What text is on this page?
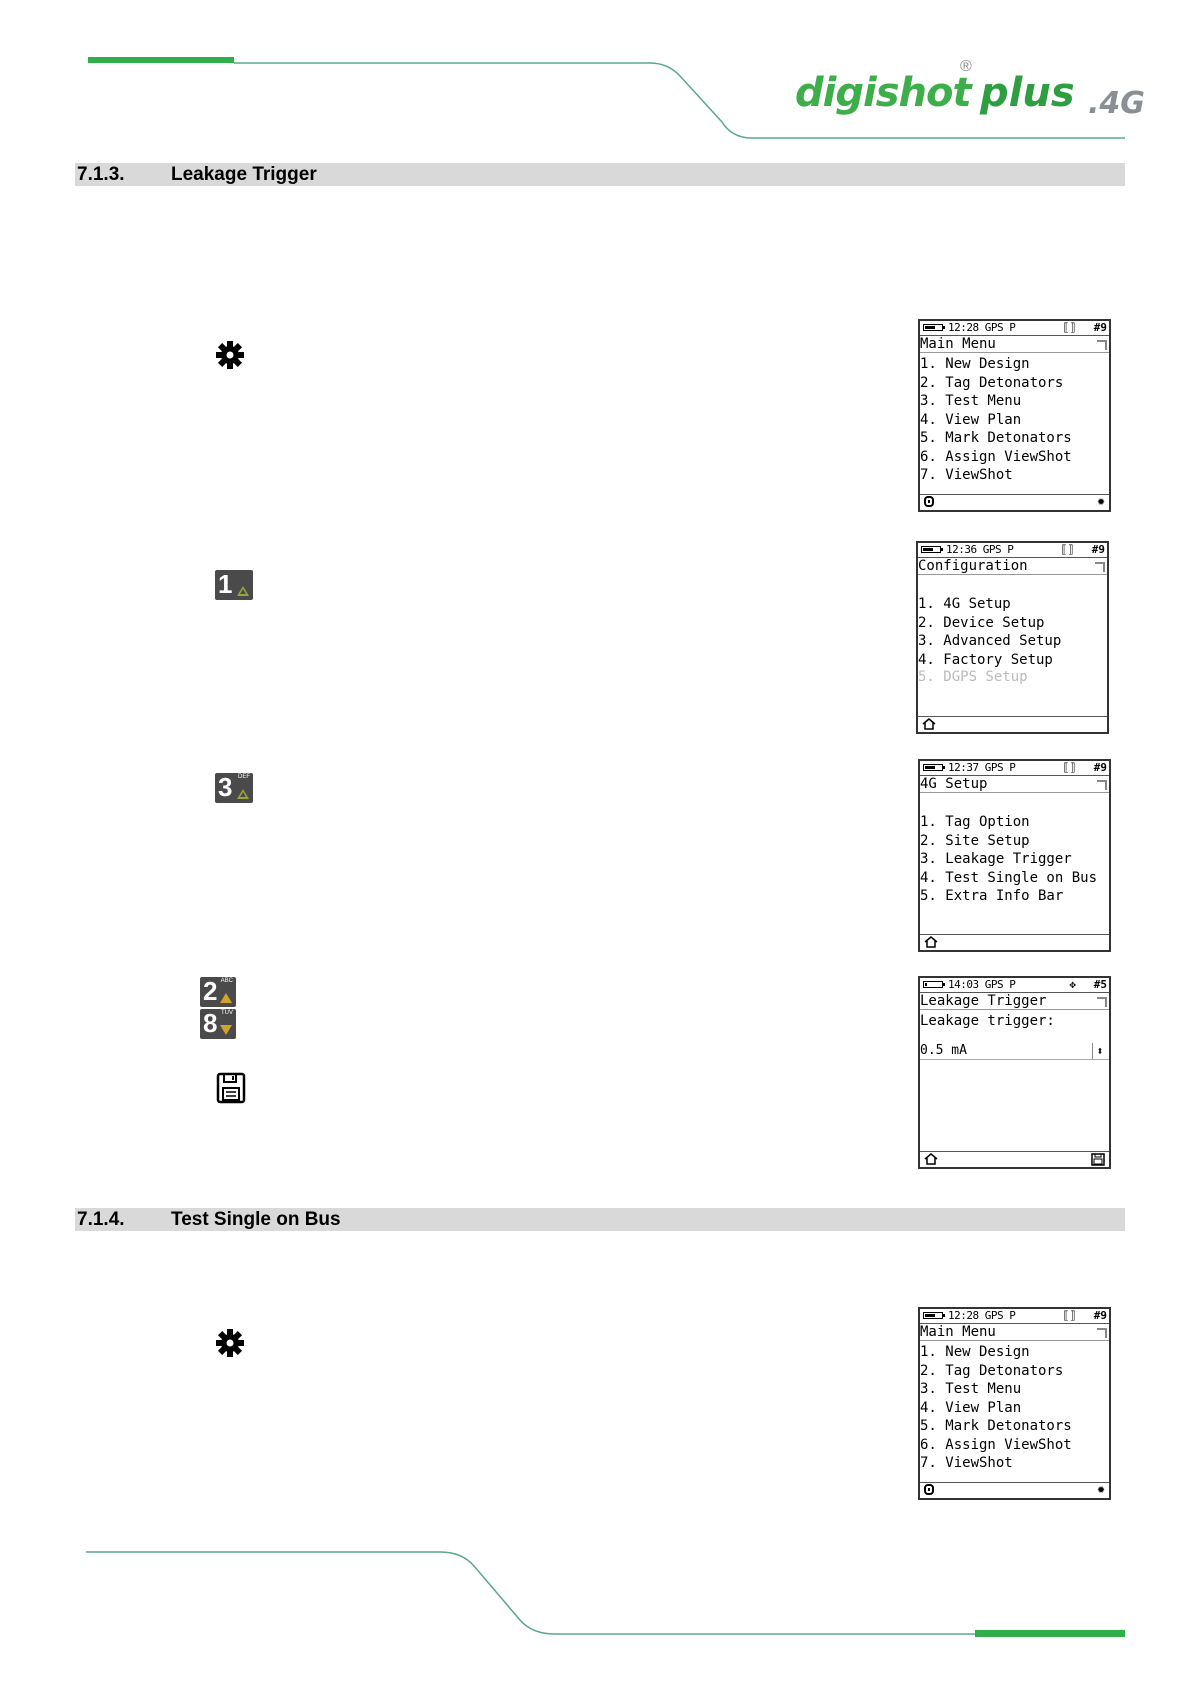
digishot
®
plus .4G
7.1.3. Leakage Trigger
1
3 DEF
2 ABC
8 TUV
12:28 GPS P	⟦⟧ #9
Main Menu
1. New Design
2. Tag Detonators
3. Test Menu
4. View Plan
5. Mark Detonators
6. Assign ViewShot
7. ViewShot
✹
12:36 GPS P	⟦⟧ #9
Configuration
1. 4G Setup
2. Device Setup
3. Advanced Setup
4. Factory Setup
5. DGPS Setup
12:37 GPS P	⟦⟧ #9
4G Setup
1. Tag Option
2. Site Setup
3. Leakage Trigger
4. Test Single on Bus
5. Extra Info Bar
14:03 GPS P	✥ #5
Leakage Trigger
Leakage trigger:
0.5 mA	⬍
7.1.4. Test Single on Bus
12:28 GPS P	⟦⟧ #9
Main Menu
1. New Design
2. Tag Detonators
3. Test Menu
4. View Plan
5. Mark Detonators
6. Assign ViewShot
7. ViewShot
✹
